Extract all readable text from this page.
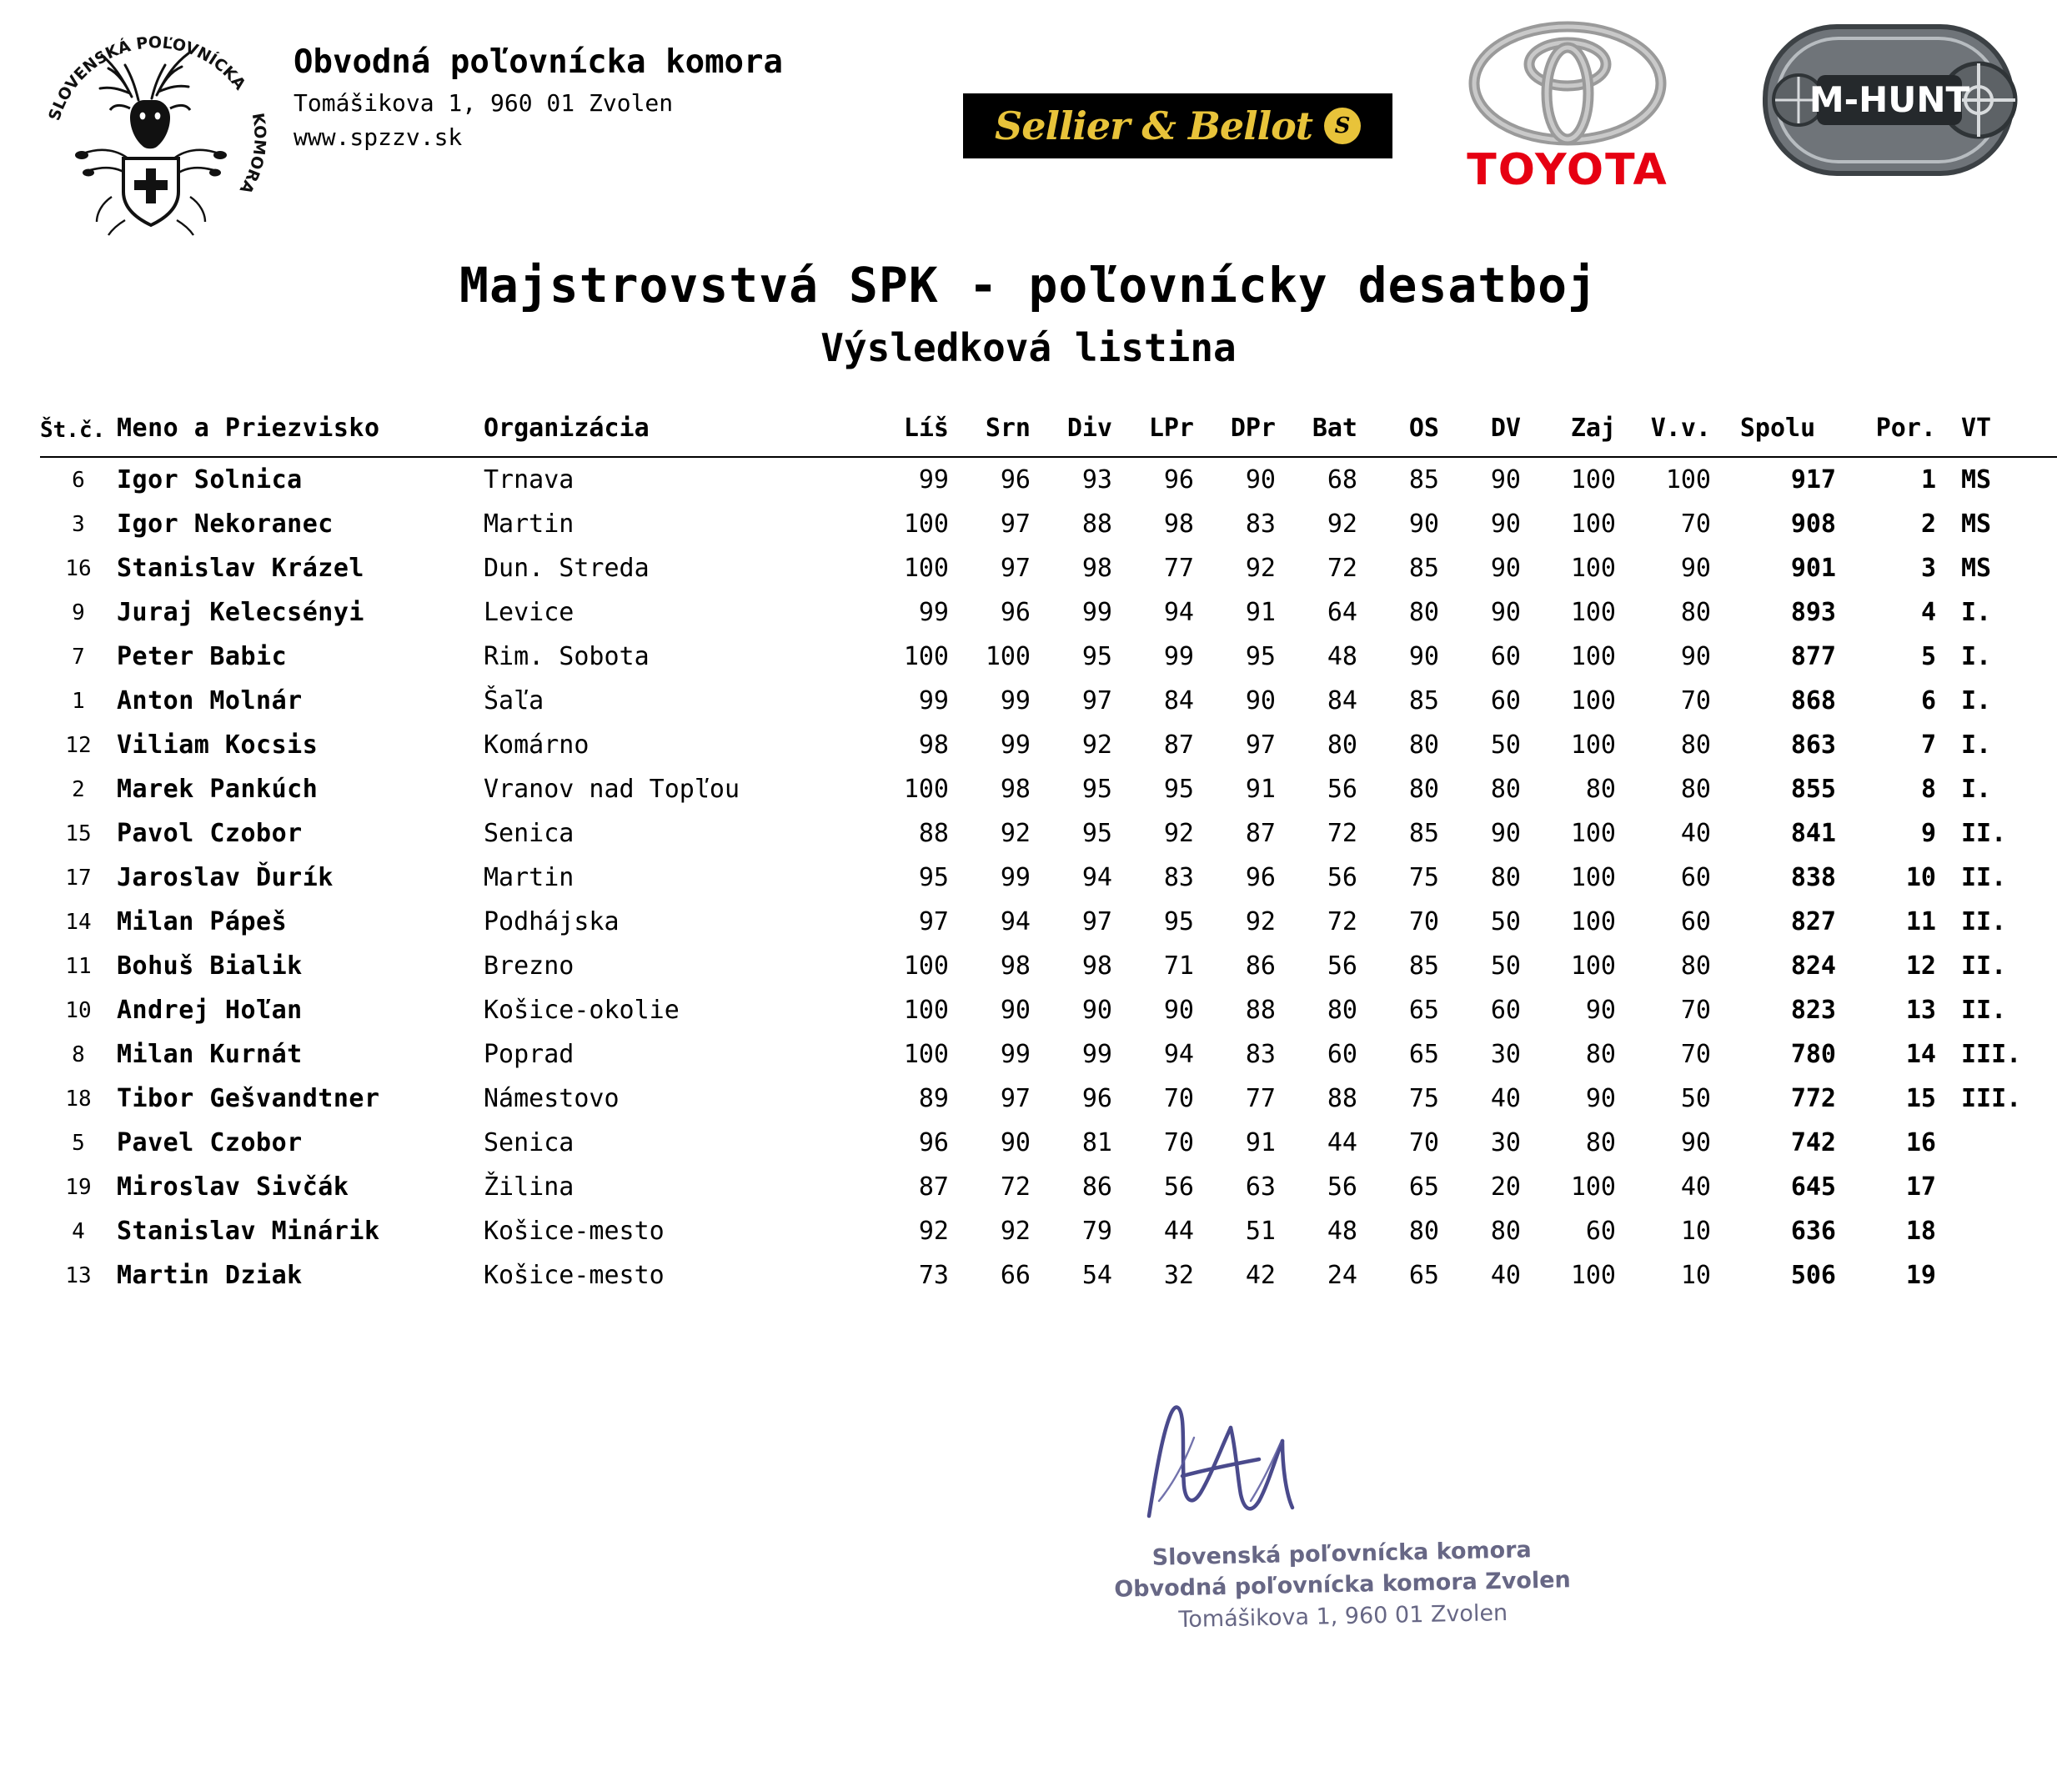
SLOVENSKÁ POĽOVNÍCKA
KOMORA
Obvodná poľovnícka komora
Tomášikova 1, 960 01 Zvolen
www.spzzv.sk	Sellier & Bellot	S
TOYOTA
M-HUNT
Majstrovstvá SPK - poľovnícky desatboj
Výsledková listina
Št.č.	Meno a Priezvisko	Organizácia	Líš	Srn	Div	LPr	DPr	Bat	OS	DV	Zaj	V.v.	Spolu	Por.	VT

6	Igor Solnica	Trnava	99	96	93	96	90	68	85	90	100	100	917	1	MS
3	Igor Nekoranec	Martin	100	97	88	98	83	92	90	90	100	70	908	2	MS
16	Stanislav Krázel	Dun. Streda	100	97	98	77	92	72	85	90	100	90	901	3	MS
9	Juraj Kelecsényi	Levice	99	96	99	94	91	64	80	90	100	80	893	4	I.
7	Peter Babic	Rim. Sobota	100	100	95	99	95	48	90	60	100	90	877	5	I.
1	Anton Molnár	Šaľa	99	99	97	84	90	84	85	60	100	70	868	6	I.
12	Viliam Kocsis	Komárno	98	99	92	87	97	80	80	50	100	80	863	7	I.
2	Marek Pankúch	Vranov nad Topľou	100	98	95	95	91	56	80	80	80	80	855	8	I.
15	Pavol Czobor	Senica	88	92	95	92	87	72	85	90	100	40	841	9	II.
17	Jaroslav Ďurík	Martin	95	99	94	83	96	56	75	80	100	60	838	10	II.
14	Milan Pápeš	Podhájska	97	94	97	95	92	72	70	50	100	60	827	11	II.
11	Bohuš Bialik	Brezno	100	98	98	71	86	56	85	50	100	80	824	12	II.
10	Andrej Hoľan	Košice-okolie	100	90	90	90	88	80	65	60	90	70	823	13	II.
8	Milan Kurnát	Poprad	100	99	99	94	83	60	65	30	80	70	780	14	III.
18	Tibor Gešvandtner	Námestovo	89	97	96	70	77	88	75	40	90	50	772	15	III.
5	Pavel Czobor	Senica	96	90	81	70	91	44	70	30	80	90	742	16	
19	Miroslav Sivčák	Žilina	87	72	86	56	63	56	65	20	100	40	645	17	
4	Stanislav Minárik	Košice-mesto	92	92	79	44	51	48	80	80	60	10	636	18	
13	Martin Dziak	Košice-mesto	73	66	54	32	42	24	65	40	100	10	506	19	
Slovenská poľovnícka komora
Obvodná poľovnícka komora Zvolen
Tomášikova 1, 960 01 Zvolen
